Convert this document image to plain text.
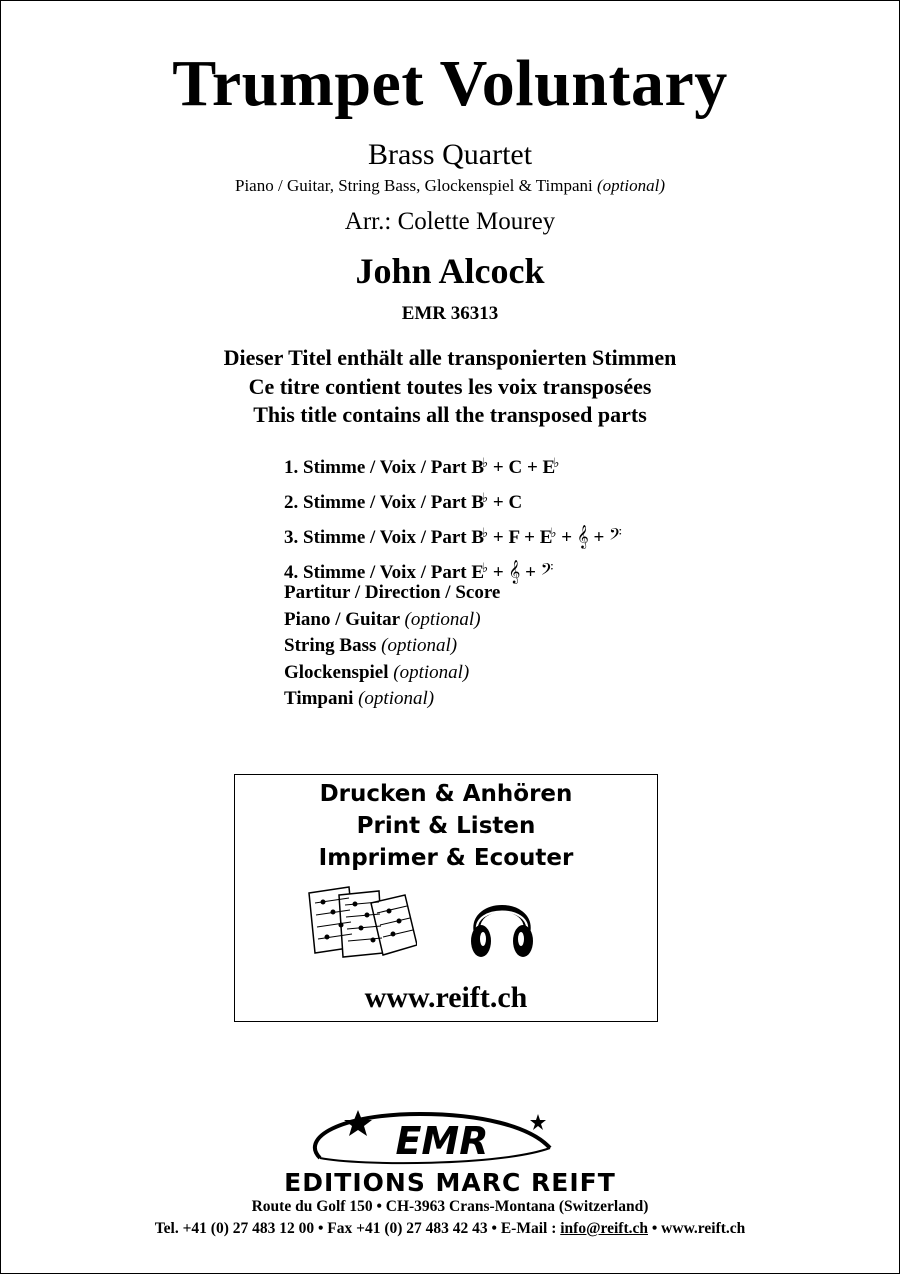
Trumpet Voluntary
Brass Quartet
Piano / Guitar, String Bass, Glockenspiel & Timpani (optional)
Arr.: Colette Mourey
John Alcock
EMR 36313
Dieser Titel enthält alle transponierten Stimmen
Ce titre contient toutes les voix transposées
This title contains all the transposed parts
1. Stimme / Voix / Part B♭ + C + E♭
2. Stimme / Voix / Part B♭ + C
3. Stimme / Voix / Part B♭ + F + E♭ + 𝄞 + 𝄢
4. Stimme / Voix / Part E♭ + 𝄞 + 𝄢
Partitur / Direction / Score
Piano / Guitar (optional)
String Bass (optional)
Glockenspiel (optional)
Timpani (optional)
Drucken & Anhören
Print & Listen
Imprimer & Ecouter
www.reift.ch
EMR
EDITIONS MARC REIFT
Route du Golf 150 • CH-3963 Crans-Montana (Switzerland)
Tel. +41 (0) 27 483 12 00 • Fax +41 (0) 27 483 42 43 • E-Mail : info@reift.ch • www.reift.ch
